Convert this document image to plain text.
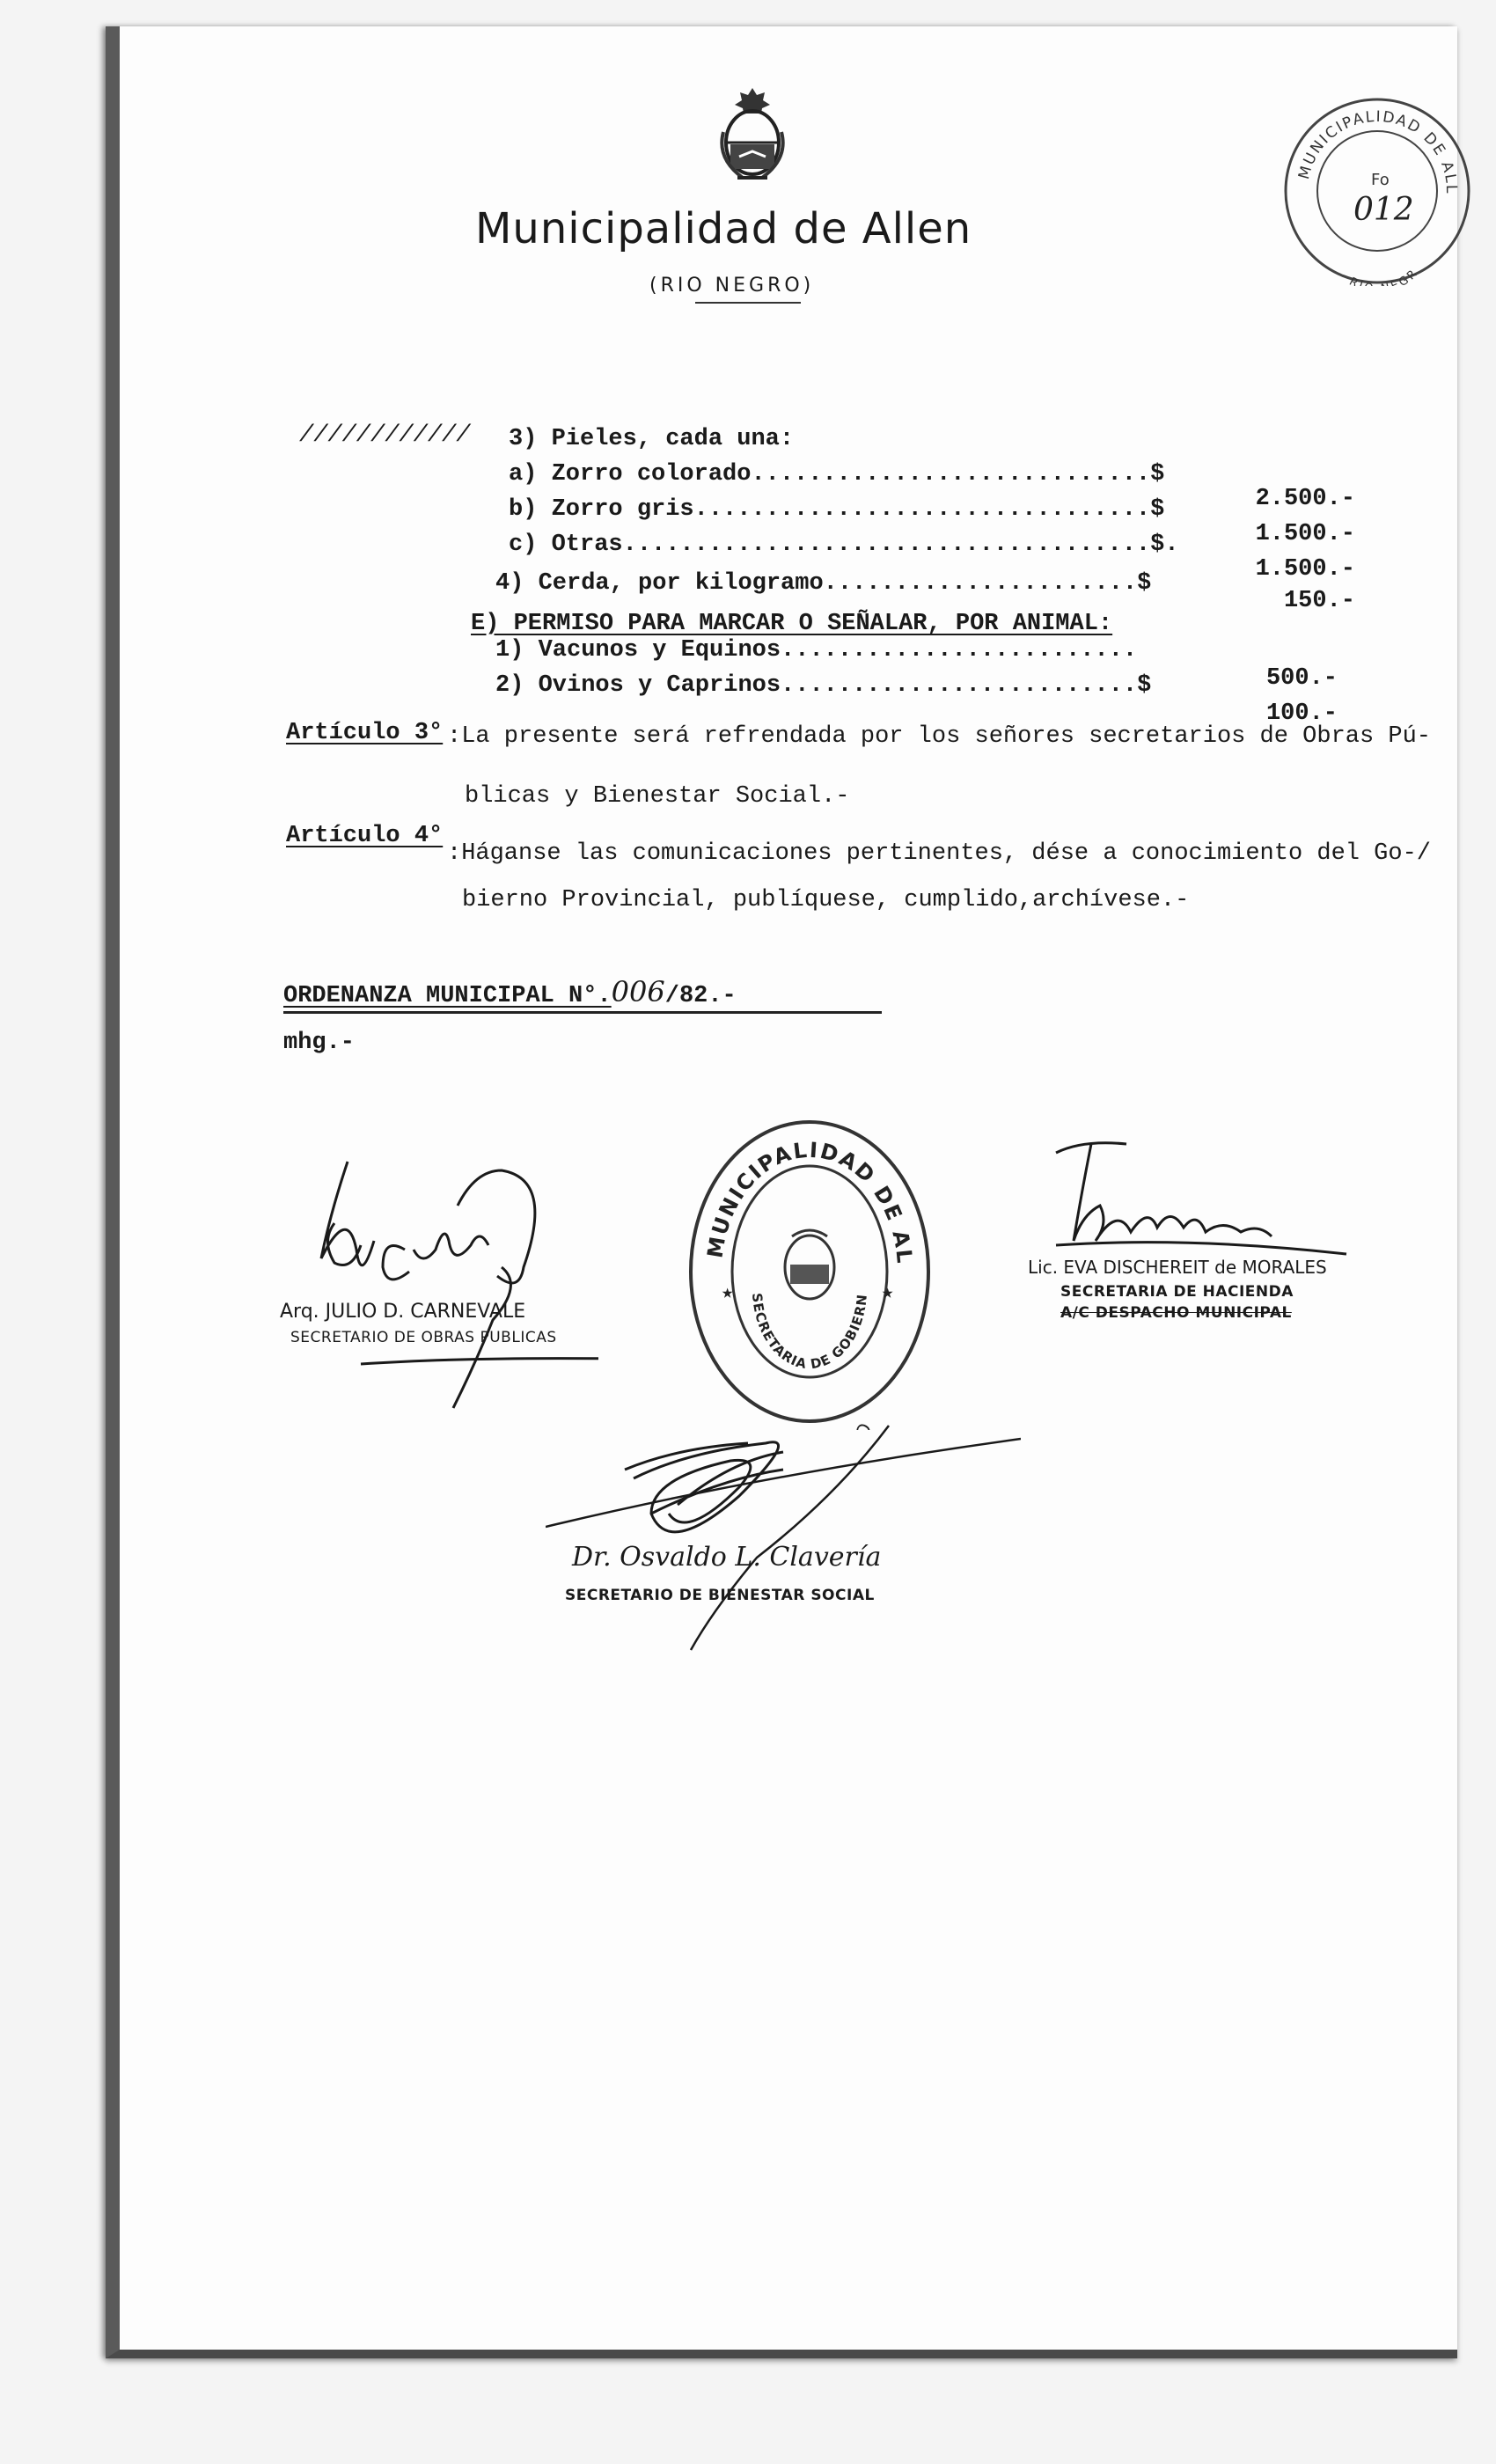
Municipalidad de Allen
(RIO NEGRO)
MUNICIPALIDAD DE ALL
R EGR
Fo
012
//////////// 3) Pieles, cada una:
a) Zorro colorado............................$
2.500.-
b) Zorro gris................................$
1.500.-
c) Otras.....................................$.
1.500.-
4) Cerda, por kilogramo......................$
150.-
E) PERMISO PARA MARCAR O SEÑALAR, POR ANIMAL:
1) Vacunos y Equinos.........................
2) Ovinos y Caprinos.........................$	500.-
100.-
Artículo 3° :La presente será refrendada por los señores secretarios de Obras Pú-
blicas y Bienestar Social.-
Artículo 4°
:Háganse las comunicaciones pertinentes, dése a conocimiento del Go-/
bierno Provincial, publíquese, cumplido,archívese.-
ORDENANZA MUNICIPAL N°.006/82.-
mhg.-
Arq. JULIO D. CARNEVALE
SECRETARIO DE OBRAS PUBLICAS
MUNICIPALIDAD DE AL
SECRETARIA DE GOBIERN
O
★	★
Lic. EVA DISCHEREIT de MORALES
SECRETARIA DE HACIENDA
A/C DESPACHO MUNICIPAL
Dr. Osvaldo L. Clavería
SECRETARIO DE BIENESTAR SOCIAL
